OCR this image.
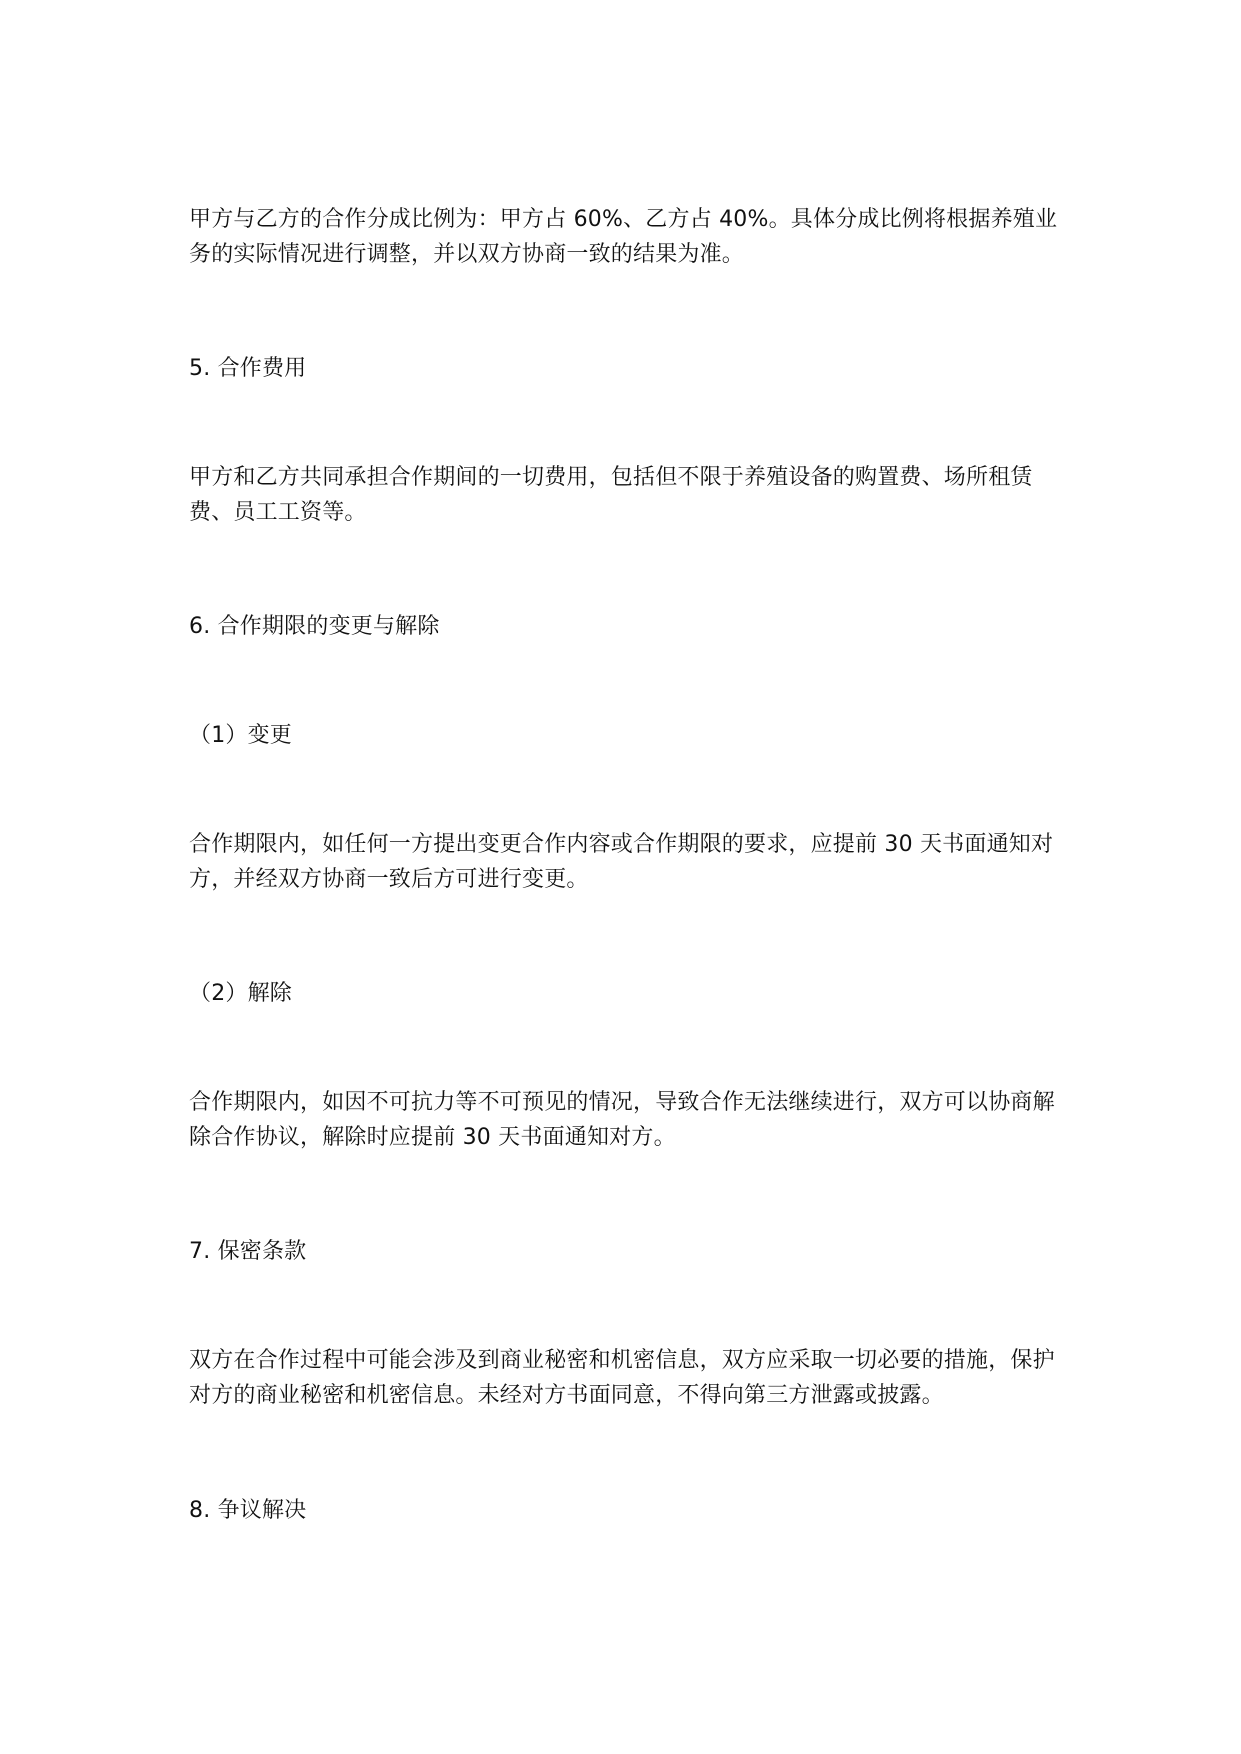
甲方与乙方的合作分成比例为：甲方占 60%、乙方占 40%。具体分成比例将根据养殖业务的实际情况进行调整，并以双方协商一致的结果为准。

5. 合作费用

甲方和乙方共同承担合作期间的一切费用，包括但不限于养殖设备的购置费、场所租赁费、员工工资等。

6. 合作期限的变更与解除

（1）变更

合作期限内，如任何一方提出变更合作内容或合作期限的要求，应提前 30 天书面通知对方，并经双方协商一致后方可进行变更。

（2）解除

合作期限内，如因不可抗力等不可预见的情况，导致合作无法继续进行，双方可以协商解除合作协议，解除时应提前 30 天书面通知对方。

7. 保密条款

双方在合作过程中可能会涉及到商业秘密和机密信息，双方应采取一切必要的措施，保护对方的商业秘密和机密信息。未经对方书面同意，不得向第三方泄露或披露。

8. 争议解决
